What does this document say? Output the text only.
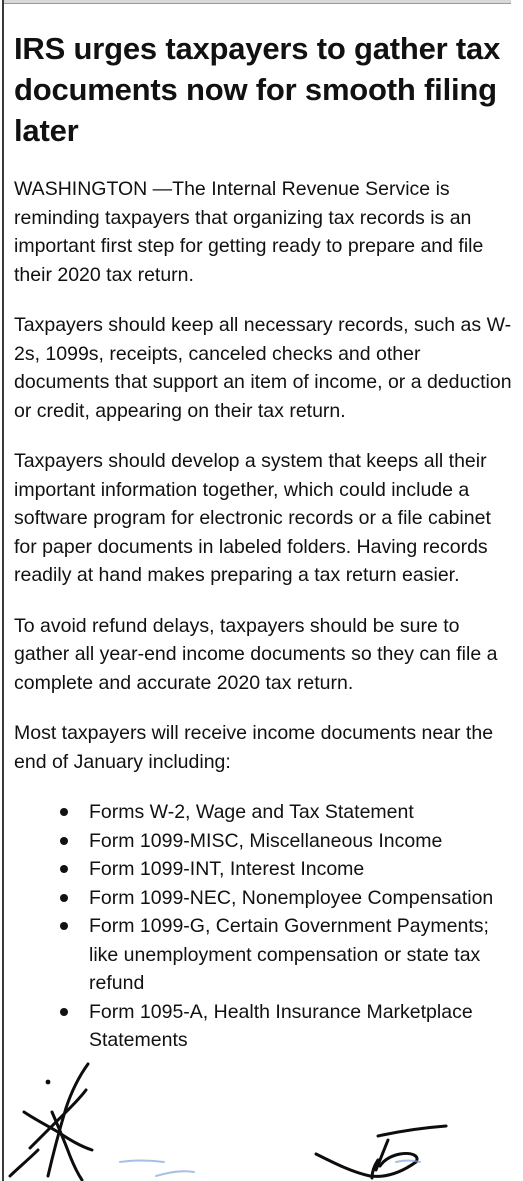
IRS urges taxpayers to gather tax documents now for smooth filing later

WASHINGTON —The Internal Revenue Service is reminding taxpayers that organizing tax records is an important first step for getting ready to prepare and file their 2020 tax return.

Taxpayers should keep all necessary records, such as W-2s, 1099s, receipts, canceled checks and other documents that support an item of income, or a deduction or credit, appearing on their tax return.

Taxpayers should develop a system that keeps all their important information together, which could include a software program for electronic records or a file cabinet for paper documents in labeled folders. Having records readily at hand makes preparing a tax return easier.

To avoid refund delays, taxpayers should be sure to gather all year-end income documents so they can file a complete and accurate 2020 tax return.

Most taxpayers will receive income documents near the end of January including:

Forms W-2, Wage and Tax Statement
Form 1099-MISC, Miscellaneous Income
Form 1099-INT, Interest Income
Form 1099-NEC, Nonemployee Compensation
Form 1099-G, Certain Government Payments; like unemployment compensation or state tax refund
Form 1095-A, Health Insurance Marketplace Statements
